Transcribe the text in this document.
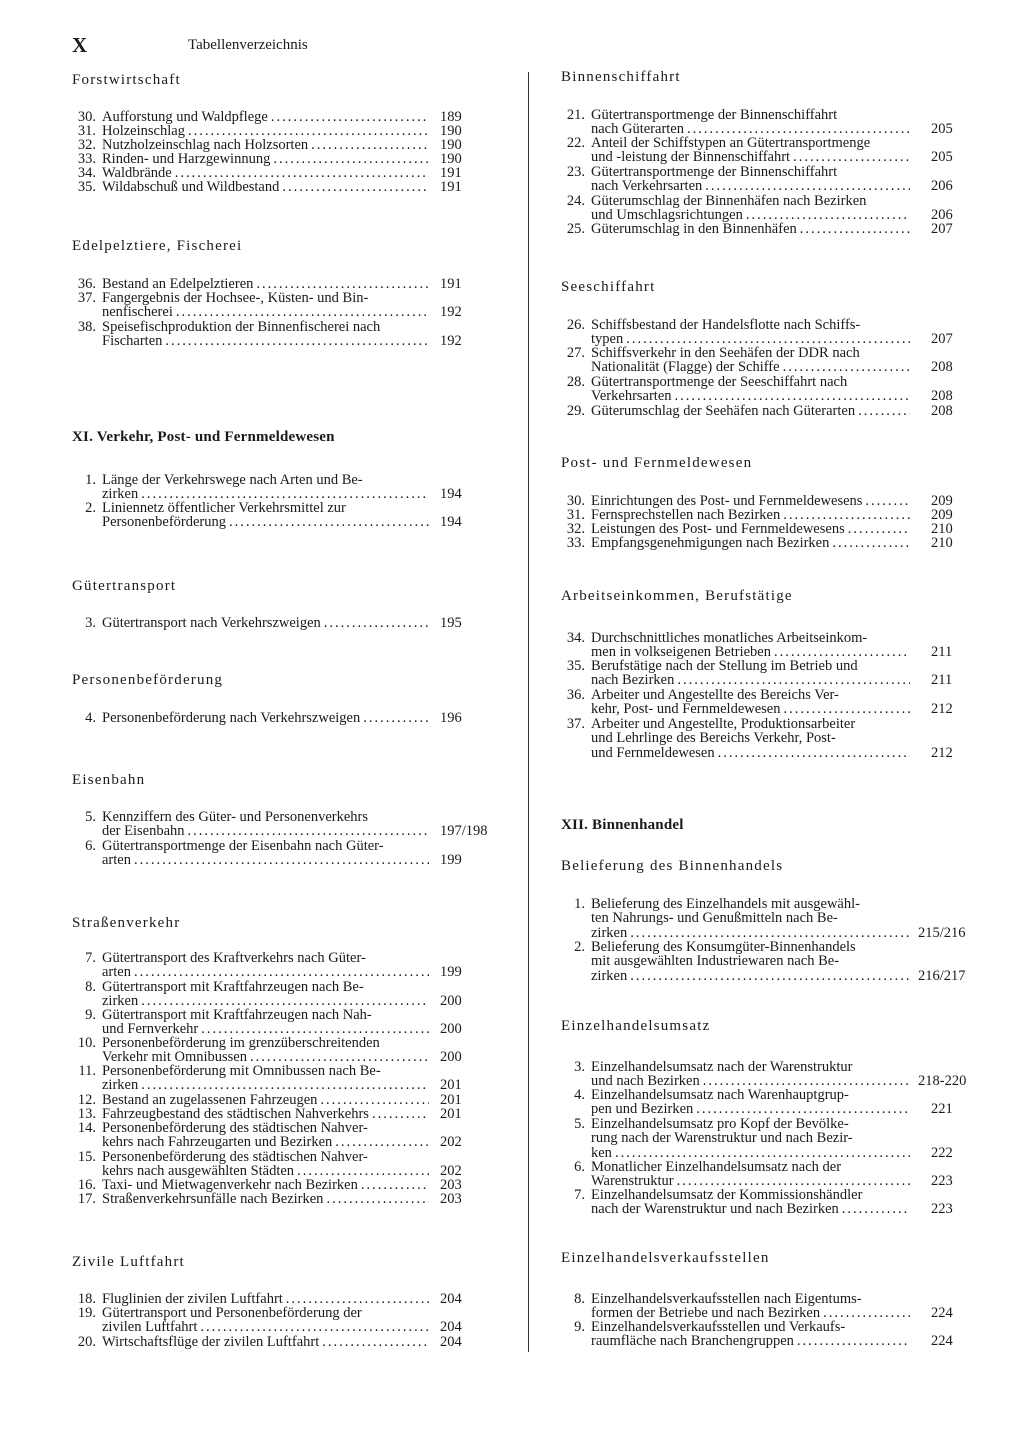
X	Tabellenverzeichnis
Forstwirtschaft
30. Aufforstung und Waldpflege .....	189
31. Holzeinschlag .....	190
32. Nutzholzeinschlag nach Holzsorten .....	190
33. Rinden- und Harzgewinnung .....	190
34. Waldbrände .....	191
35. Wildabschuß und Wildbestand .....	191
Edelpelztiere, Fischerei
36. Bestand an Edelpelztieren .....	191
37. Fangergebnis der Hochsee-, Küsten- und Bin-
nenfischerei .....	192
38. Speisefischproduktion der Binnenfischerei nach
Fischarten .....	192
XI. Verkehr, Post- und Fernmeldewesen
1. Länge der Verkehrswege nach Arten und Be-
zirken .....	194
2. Liniennetz öffentlicher Verkehrsmittel zur
Personenbeförderung .....	194
Gütertransport
3. Gütertransport nach Verkehrszweigen .....	195
Personenbeförderung
4. Personenbeförderung nach Verkehrszweigen .....	196
Eisenbahn
5. Kennziffern des Güter- und Personenverkehrs
der Eisenbahn .....	197/198
6. Gütertransportmenge der Eisenbahn nach Güter-
arten .....	199
Straßenverkehr
7. Gütertransport des Kraftverkehrs nach Güter-
arten .....	199
8. Gütertransport mit Kraftfahrzeugen nach Be-
zirken .....	200
9. Gütertransport mit Kraftfahrzeugen nach Nah-
und Fernverkehr .....	200
10. Personenbeförderung im grenzüberschreitenden
Verkehr mit Omnibussen .....	200
11. Personenbeförderung mit Omnibussen nach Be-
zirken .....	201
12. Bestand an zugelassenen Fahrzeugen .....	201
13. Fahrzeugbestand des städtischen Nahverkehrs .....	201
14. Personenbeförderung des städtischen Nahver-
kehrs nach Fahrzeugarten und Bezirken .....	202
15. Personenbeförderung des städtischen Nahver-
kehrs nach ausgewählten Städten .....	202
16. Taxi- und Mietwagenverkehr nach Bezirken .....	203
17. Straßenverkehrsunfälle nach Bezirken .....	203
Zivile Luftfahrt
18. Fluglinien der zivilen Luftfahrt .....	204
19. Gütertransport und Personenbeförderung der
zivilen Luftfahrt .....	204
20. Wirtschaftsflüge der zivilen Luftfahrt .....	204
Binnenschiffahrt
21. Gütertransportmenge der Binnenschiffahrt
nach Güterarten .....	205
22. Anteil der Schiffstypen an Gütertransportmenge
und -leistung der Binnenschiffahrt .....	205
23. Gütertransportmenge der Binnenschiffahrt
nach Verkehrsarten .....	206
24. Güterumschlag der Binnenhäfen nach Bezirken
und Umschlagsrichtungen .....	206
25. Güterumschlag in den Binnenhäfen .....	207
Seeschiffahrt
26. Schiffsbestand der Handelsflotte nach Schiffs-
typen .....	207
27. Schiffsverkehr in den Seehäfen der DDR nach
Nationalität (Flagge) der Schiffe .....	208
28. Gütertransportmenge der Seeschiffahrt nach
Verkehrsarten .....	208
29. Güterumschlag der Seehäfen nach Güterarten .....	208
Post- und Fernmeldewesen
30. Einrichtungen des Post- und Fernmeldewesens .....	209
31. Fernsprechstellen nach Bezirken .....	209
32. Leistungen des Post- und Fernmeldewesens .....	210
33. Empfangsgenehmigungen nach Bezirken .....	210
Arbeitseinkommen, Berufstätige
34. Durchschnittliches monatliches Arbeitseinkom-
men in volkseigenen Betrieben .....	211
35. Berufstätige nach der Stellung im Betrieb und
nach Bezirken .....	211
36. Arbeiter und Angestellte des Bereichs Ver-
kehr, Post- und Fernmeldewesen .....	212
37. Arbeiter und Angestellte, Produktionsarbeiter
und Lehrlinge des Bereichs Verkehr, Post-
und Fernmeldewesen .....	212
XII. Binnenhandel
Belieferung des Binnenhandels
1. Belieferung des Einzelhandels mit ausgewähl-
ten Nahrungs- und Genußmitteln nach Be-
zirken .....	215/216
2. Belieferung des Konsumgüter-Binnenhandels
mit ausgewählten Industriewaren nach Be-
zirken .....	216/217
Einzelhandelsumsatz
3. Einzelhandelsumsatz nach der Warenstruktur
und nach Bezirken .....	218-220
4. Einzelhandelsumsatz nach Warenhauptgrup-
pen und Bezirken .....	221
5. Einzelhandelsumsatz pro Kopf der Bevölke-
rung nach der Warenstruktur und nach Bezir-
ken .....	222
6. Monatlicher Einzelhandelsumsatz nach der
Warenstruktur .....	223
7. Einzelhandelsumsatz der Kommissionshändler
nach der Warenstruktur und nach Bezirken .....	223
Einzelhandelsverkaufsstellen
8. Einzelhandelsverkaufsstellen nach Eigentums-
formen der Betriebe und nach Bezirken .....	224
9. Einzelhandelsverkaufsstellen und Verkaufs-
raumfläche nach Branchengruppen .....	224
